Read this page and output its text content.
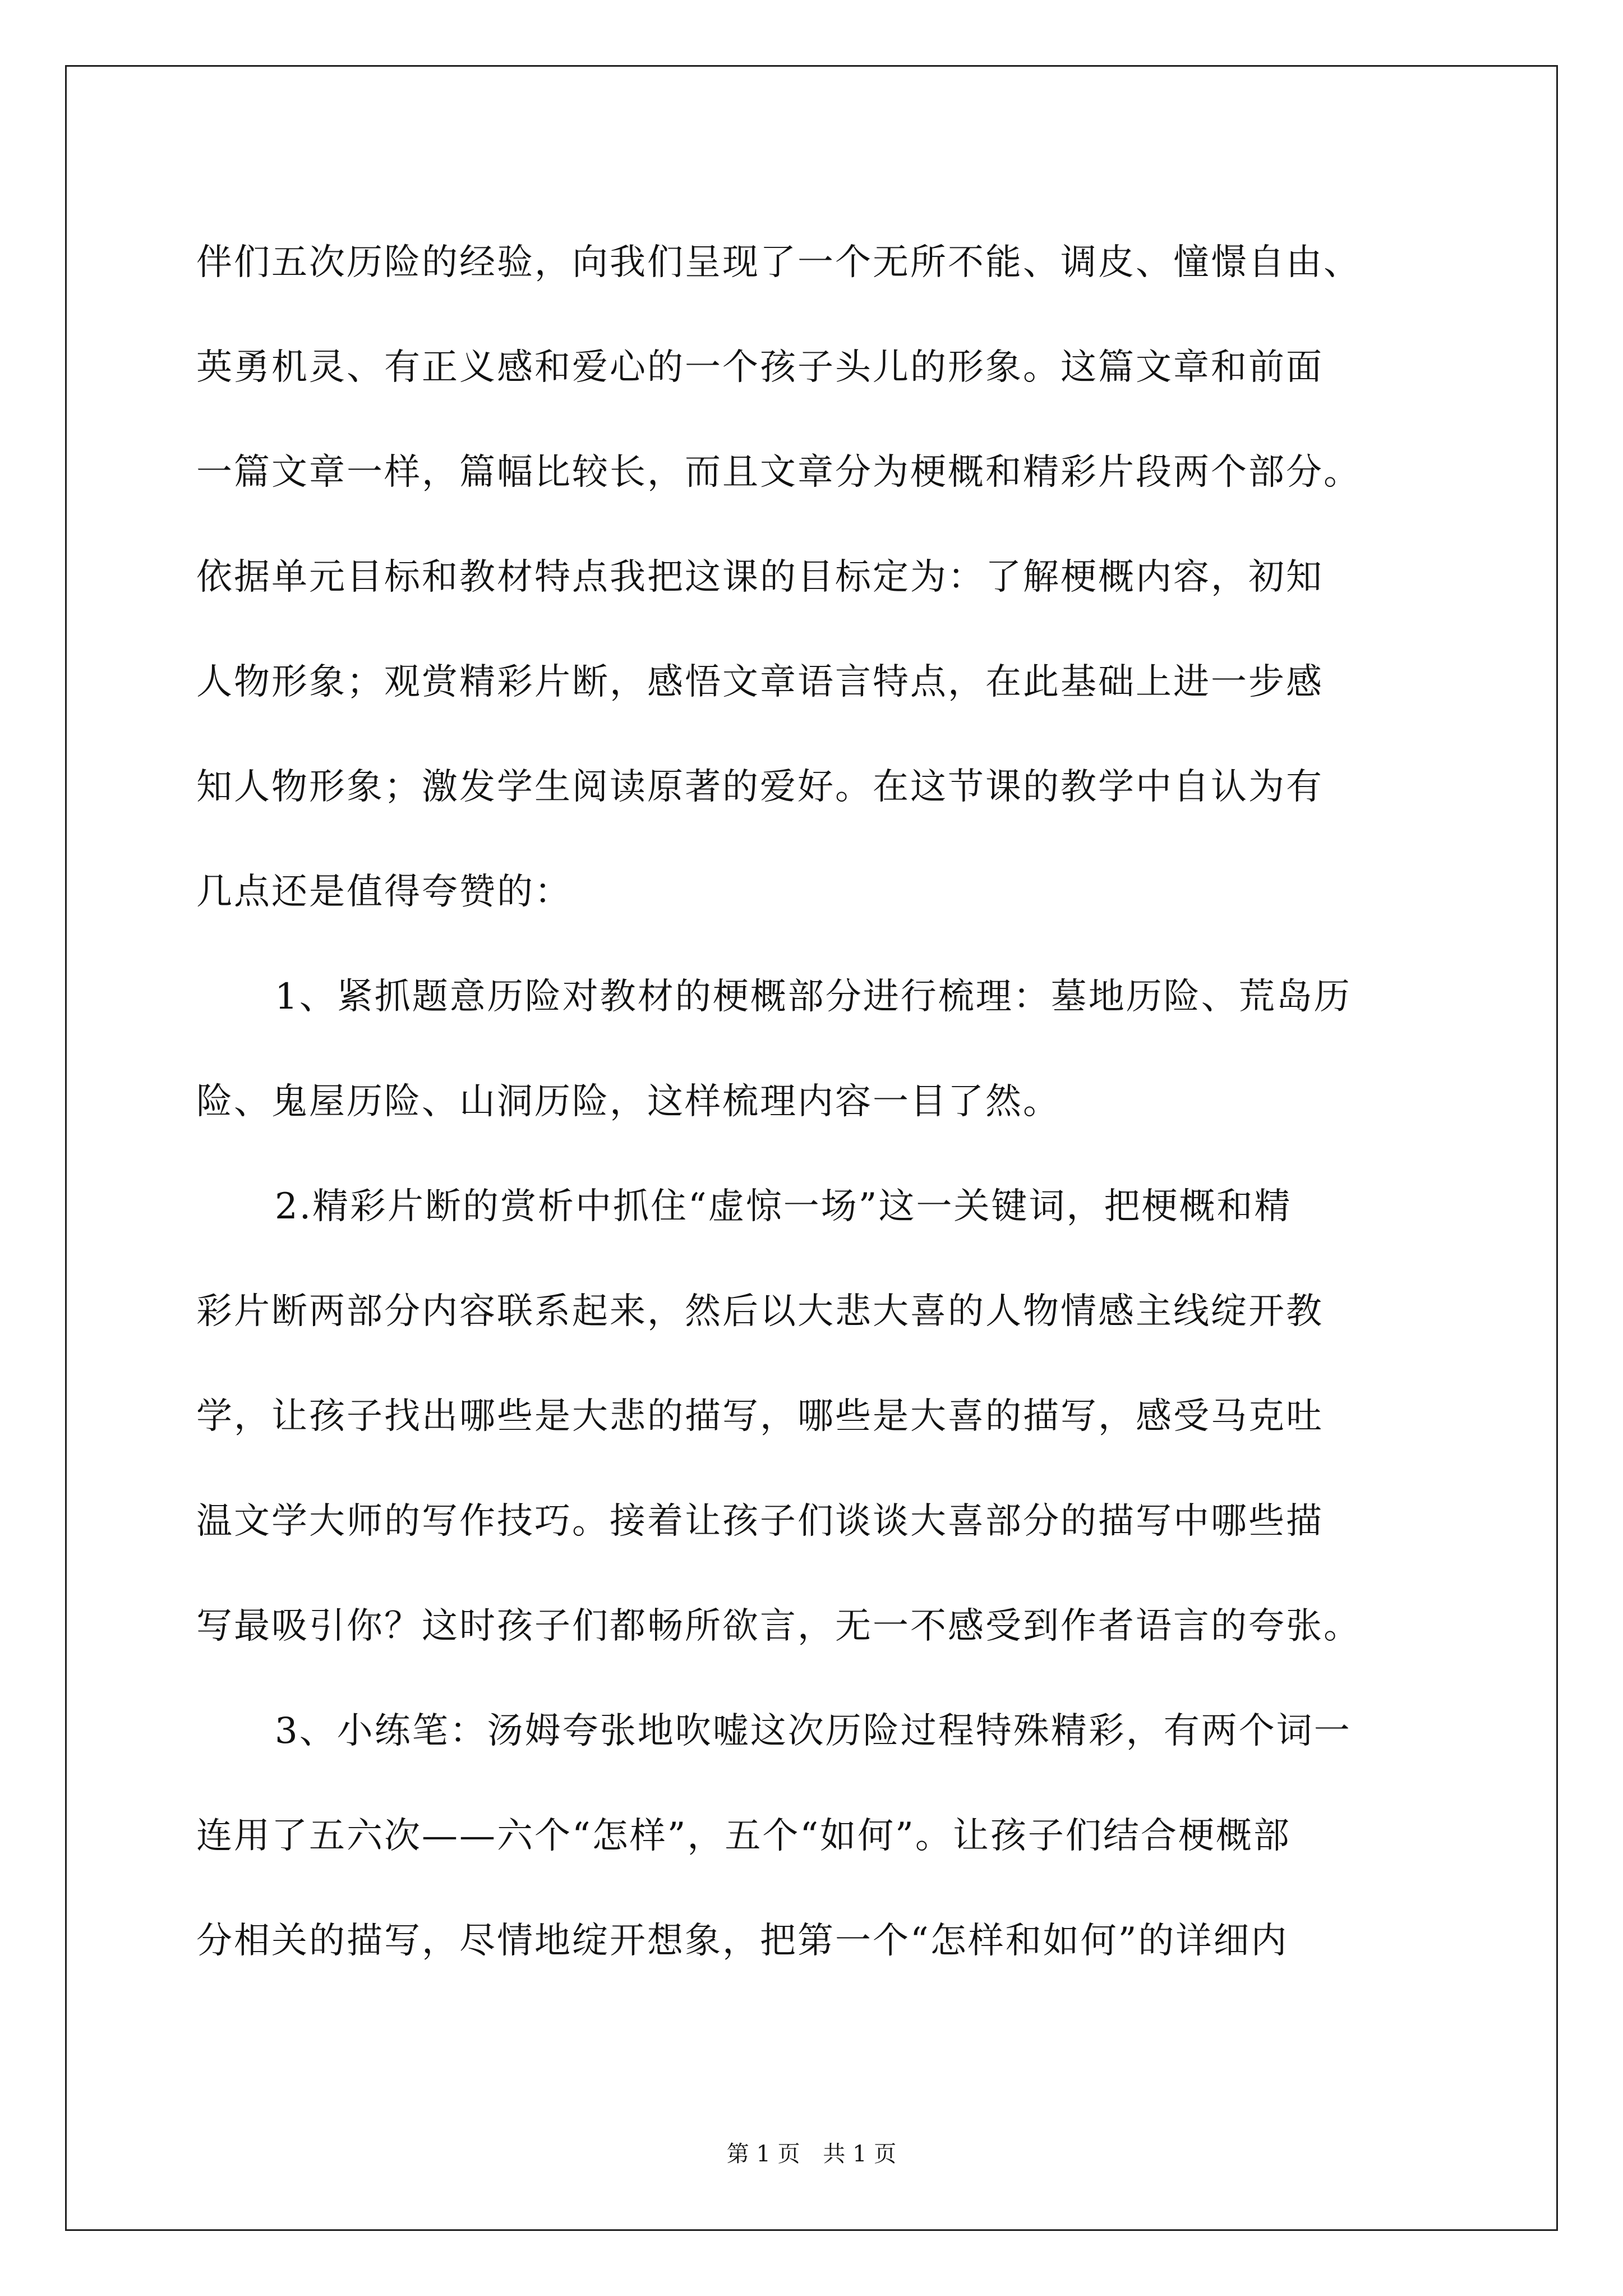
伴们五次历险的经验，向我们呈现了一个无所不能、调皮、憧憬自由、
英勇机灵、有正义感和爱心的一个孩子头儿的形象。这篇文章和前面
一篇文章一样，篇幅比较长，而且文章分为梗概和精彩片段两个部分。
依据单元目标和教材特点我把这课的目标定为：了解梗概内容，初知
人物形象；观赏精彩片断，感悟文章语言特点，在此基础上进一步感
知人物形象；激发学生阅读原著的爱好。在这节课的教学中自认为有
几点还是值得夸赞的：
1、紧抓题意历险对教材的梗概部分进行梳理：墓地历险、荒岛历
险、鬼屋历险、山洞历险，这样梳理内容一目了然。
2.精彩片断的赏析中抓住“虚惊一场”这一关键词，把梗概和精
彩片断两部分内容联系起来，然后以大悲大喜的人物情感主线绽开教
学，让孩子找出哪些是大悲的描写，哪些是大喜的描写，感受马克吐
温文学大师的写作技巧。接着让孩子们谈谈大喜部分的描写中哪些描
写最吸引你？这时孩子们都畅所欲言，无一不感受到作者语言的夸张。
3、小练笔：汤姆夸张地吹嘘这次历险过程特殊精彩，有两个词一
连用了五六次——六个“怎样”，五个“如何”。让孩子们结合梗概部
分相关的描写，尽情地绽开想象，把第一个“怎样和如何”的详细内
第 1 页 共 1 页
